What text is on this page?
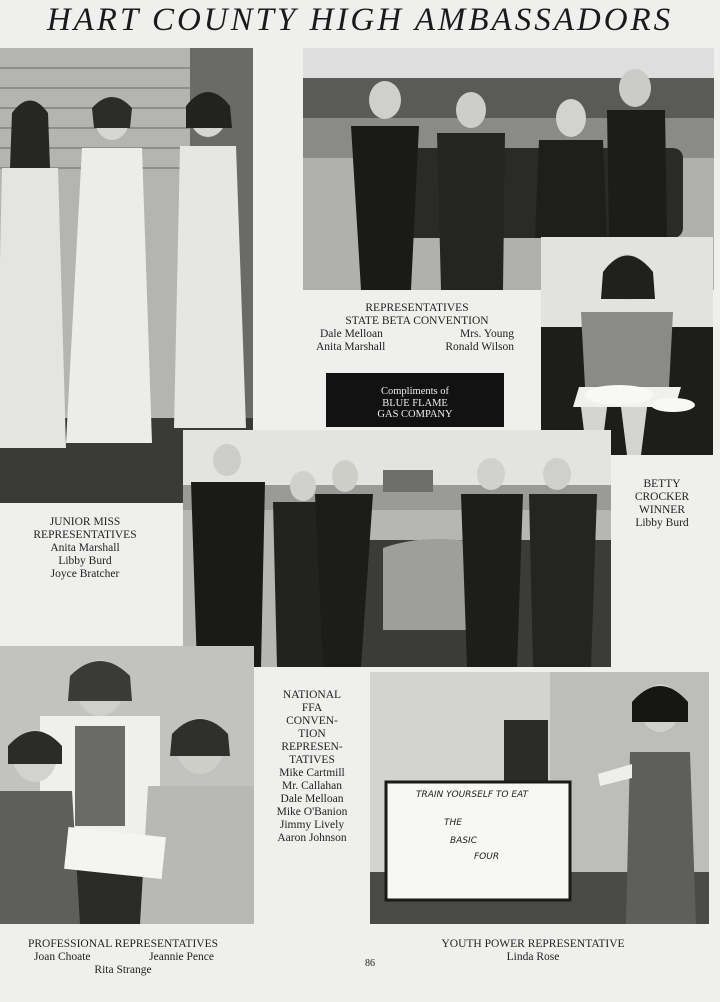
HART COUNTY HIGH AMBASSADORS
REPRESENTATIVES
STATE BETA CONVENTION
Dale Melloan	Mrs. Young
Anita Marshall	Ronald Wilson
Compliments of
BLUE FLAME
GAS COMPANY
BETTY
CROCKER
WINNER
Libby Burd
JUNIOR MISS
REPRESENTATIVES
Anita Marshall
Libby Burd
Joyce Bratcher
NATIONAL
FFA
CONVEN-
TION
REPRESEN-
TATIVES
Mike Cartmill
Mr. Callahan
Dale Melloan
Mike O'Banion
Jimmy Lively
Aaron Johnson
TRAIN YOURSELF TO EAT
THE
BASIC
FOUR
PROFESSIONAL REPRESENTATIVES
Joan Choate	Jeannie Pence
Rita Strange
86
YOUTH POWER REPRESENTATIVE
Linda Rose
